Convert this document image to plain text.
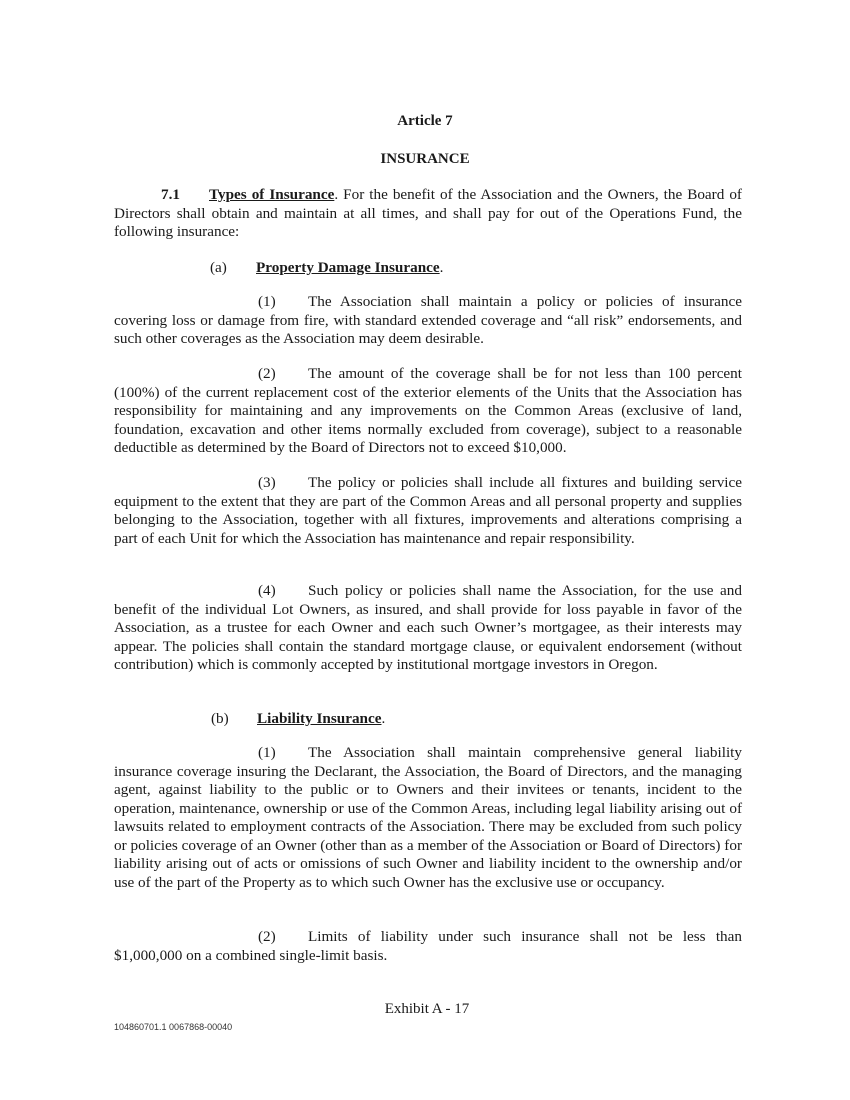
Article 7
INSURANCE

7.1 Types of Insurance. For the benefit of the Association and the Owners, the Board of Directors shall obtain and maintain at all times, and shall pay for out of the Operations Fund, the following insurance:

(a) Property Damage Insurance.

(1) The Association shall maintain a policy or policies of insurance covering loss or damage from fire, with standard extended coverage and “all risk” endorsements, and such other coverages as the Association may deem desirable.

(2) The amount of the coverage shall be for not less than 100 percent (100%) of the current replacement cost of the exterior elements of the Units that the Association has responsibility for maintaining and any improvements on the Common Areas (exclusive of land, foundation, excavation and other items normally excluded from coverage), subject to a reasonable deductible as determined by the Board of Directors not to exceed $10,000.

(3) The policy or policies shall include all fixtures and building service equipment to the extent that they are part of the Common Areas and all personal property and supplies belonging to the Association, together with all fixtures, improvements and alterations comprising a part of each Unit for which the Association has maintenance and repair responsibility.

(4) Such policy or policies shall name the Association, for the use and benefit of the individual Lot Owners, as insured, and shall provide for loss payable in favor of the Association, as a trustee for each Owner and each such Owner’s mortgagee, as their interests may appear. The policies shall contain the standard mortgage clause, or equivalent endorsement (without contribution) which is commonly accepted by institutional mortgage investors in Oregon.

(b) Liability Insurance.

(1) The Association shall maintain comprehensive general liability insurance coverage insuring the Declarant, the Association, the Board of Directors, and the managing agent, against liability to the public or to Owners and their invitees or tenants, incident to the operation, maintenance, ownership or use of the Common Areas, including legal liability arising out of lawsuits related to employment contracts of the Association. There may be excluded from such policy or policies coverage of an Owner (other than as a member of the Association or Board of Directors) for liability arising out of acts or omissions of such Owner and liability incident to the ownership and/or use of the part of the Property as to which such Owner has the exclusive use or occupancy.

(2) Limits of liability under such insurance shall not be less than $1,000,000 on a combined single-limit basis.

Exhibit A - 17
104860701.1 0067868-00040
